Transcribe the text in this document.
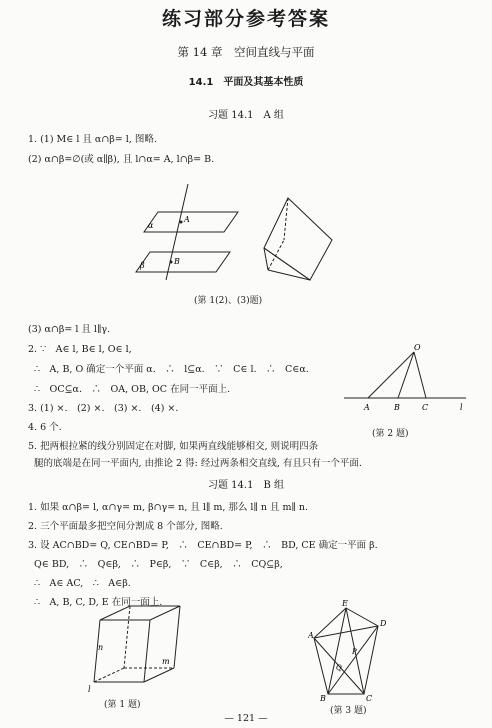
练习部分参考答案
第 14 章　空间直线与平面
14.1　平面及其基本性质
习题 14.1　A 组
1. (1) M∈ l 且 α∩β= l, 图略.
(2) α∩β=∅(或 α∥β), 且 l∩α= A, l∩β= B.
α
A
β	B
(第 1(2)、(3)题)
(3) α∩β= l 且 l∥γ.
2. ∵　A∈ l, B∈ l, O∈ l,
∴　A, B, O 确定一个平面 α.　∴　l⊆α.　∵　C∈ l.　∴　C∈α.
∴　OC⊆α.　∴　OA, OB, OC 在同一平面上.
3. (1) ×.　(2) ×.　(3) ×.　(4) ×.
4. 6 个.
5. 把两根拉紧的线分别固定在对脚, 如果两直线能够相交, 则说明四条
腿的底端是在同一平面内, 由推论 2 得: 经过两条相交直线, 有且只有一个平面.
O
A	B	C	l
(第 2 题)
习题 14.1　B 组
1. 如果 α∩β= l, α∩γ= m, β∩γ= n, 且 l∥ m, 那么 l∥ n 且 m∥ n.
2. 三个平面最多把空间分割成 8 个部分, 图略.
3. 设 AC∩BD= Q, CE∩BD= P,　∴　CE∩BD= P,　∴　BD, CE 确定一平面 β.
Q∈ BD,　∴　Q∈β,　∴　P∈β,　∵　C∈β,　∴　CQ⊆β,
∴　A∈ AC,　∴　A∈β.
∴　A, B, C, D, E 在同一面上.
l
m
n
(第 1 题)
E
D
A
B	C
Q
P
(第 3 题)
— 121 —
